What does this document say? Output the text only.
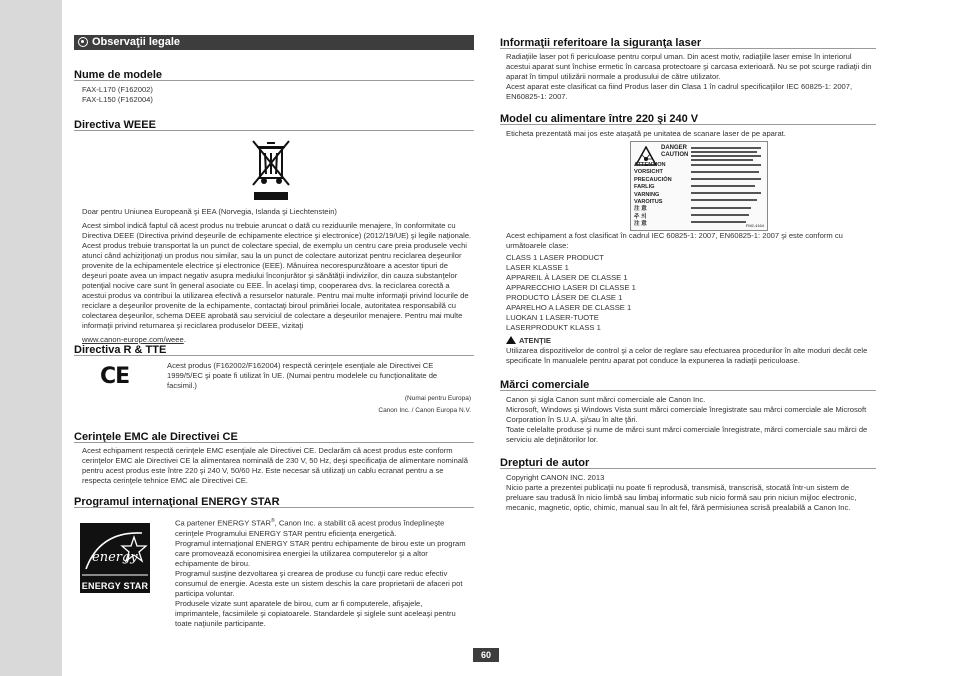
Observaţii legale
Nume de modele

FAX-L170 (F162002)

FAX-L150 (F162004)

Directiva WEEE

Doar pentru Uniunea Europeană şi EEA (Norvegia, Islanda şi Liechtenstein)

Acest simbol indică faptul că acest produs nu trebuie aruncat o dată cu reziduurile menajere, în conformitate cu Directiva DEEE (Directiva privind deşeurile de echipamente electrice şi electronice) (2012/19/UE) şi legile naţionale. Acest produs trebuie transportat la un punct de colectare special, de exemplu un centru care preia produsele vechi atunci când achiziţionaţi un produs nou similar, sau la un punct de colectare autorizat pentru reciclarea deşeurilor provenite de la echipamentele electrice şi electronice (EEE). Mânuirea necorespunzătoare a acestor tipuri de deşeuri poate avea un impact negativ asupra mediului înconjurător şi sănătăţii indivizilor, din cauza substanţelor potenţial nocive care sunt în general asociate cu EEE. În acelaşi timp, cooperarea dvs. la reciclarea corectă a acestui produs va contribui la utilizarea efectivă a resurselor naturale. Pentru mai multe informaţii privind locurile de reciclare a deşeurilor provenite de la echipamente, contactaţi biroul primăriei locale, autoritatea responsabilă cu colectarea deşeurilor, schema DEEE aprobată sau serviciul de colectare a deşeurilor menajere. Pentru mai multe informaţii privind returnarea şi reciclarea produselor DEEE, vizitaţi

www.canon-europe.com/weee.

Directiva R & TTE
CE	Acest produs (F162002/F162004) respectă cerinţele esenţiale ale Directivei CE 1999/5/EC şi poate fi utilizat în UE. (Numai pentru modelele cu funcţionalitate de facsimil.)

(Numai pentru Europa)

Canon Inc. / Canon Europa N.V.

Cerinţele EMC ale Directivei CE
Acest echipament respectă cerinţele EMC esenţiale ale Directivei CE. Declarăm că acest produs este conform cerinţelor EMC ale Directivei CE la alimentarea nominală de 230 V, 50 Hz, deşi specificaţia de alimentare nominală pentru acest produs este între 220 şi 240 V, 50/60 Hz. Este necesar să utilizaţi un cablu ecranat pentru a se respecta cerinţele tehnice EMC ale Directivei CE.
Programul internaţional ENERGY STAR
energy
ENERGY STAR

Ca partener ENERGY STAR®, Canon Inc. a stabilit că acest produs îndeplineşte cerinţele Programului ENERGY STAR pentru eficienţa energetică.

Programul internaţional ENERGY STAR pentru echipamente de birou este un program care promovează economisirea energiei la utilizarea computerelor şi a altor echipamente de birou.

Programul susţine dezvoltarea şi crearea de produse cu funcţii care reduc efectiv consumul de energie. Acesta este un sistem deschis la care proprietarii de afaceri pot participa voluntar.

Produsele vizate sunt aparatele de birou, cum ar fi computerele, afişajele, imprimantele, facsimilele şi copiatoarele. Standardele şi siglele sunt aceleaşi pentru toate naţiunile participante.

Informaţii referitoare la siguranţa laser

Radiaţiile laser pot fi periculoase pentru corpul uman. Din acest motiv, radiaţiile laser emise în interiorul acestui aparat sunt închise ermetic în carcasa protectoare şi carcasa exterioară. Nu se pot scurge radiaţii din aparat în timpul utilizării normale a produsului de către utilizator.

Acest aparat este clasificat ca fiind Produs laser din Clasa 1 în cadrul specificaţiilor IEC 60825-1: 2007, EN60825-1: 2007.

Model cu alimentare între 220 şi 240 V
Eticheta prezentată mai jos este ataşată pe unitatea de scanare laser de pe aparat.
DANGER
CAUTION
ATTENTION
VORSICHT
PRECAUCIÓN
FARLIG
VARNING
VAROITUS
注 意
주 의
注 意	FM2-4164
Acest echipament a fost clasificat în cadrul IEC 60825-1: 2007, EN60825-1: 2007 şi este conform cu următoarele clase:

CLASS 1 LASER PRODUCT

LASER KLASSE 1

APPAREIL À LASER DE CLASSE 1

APPARECCHIO LASER DI CLASSE 1

PRODUCTO LÁSER DE CLASE 1

APARELHO A LASER DE CLASSE 1

LUOKAN 1 LASER-TUOTE

LASERPRODUKT KLASS 1

ATENŢIE

Utilizarea dispozitivelor de control şi a celor de reglare sau efectuarea procedurilor în alte moduri decât cele specificate în manualele pentru aparat pot conduce la expunerea la radiaţii periculoase.

Mărci comerciale

Canon şi sigla Canon sunt mărci comerciale ale Canon Inc.

Microsoft, Windows şi Windows Vista sunt mărci comerciale înregistrate sau mărci comerciale ale Microsoft Corporation în S.U.A. şi/sau în alte ţări.

Toate celelalte produse şi nume de mărci sunt mărci comerciale înregistrate, mărci comerciale sau mărci de serviciu ale deţinătorilor lor.

Drepturi de autor

Copyright CANON INC. 2013

Nicio parte a prezentei publicaţii nu poate fi reprodusă, transmisă, transcrisă, stocată într-un sistem de preluare sau tradusă în nicio limbă sau limbaj informatic sub nicio formă sau prin niciun mijloc electronic, mecanic, magnetic, optic, chimic, manual sau în alt fel, fără permisiunea scrisă prealabilă a Canon Inc.

60
